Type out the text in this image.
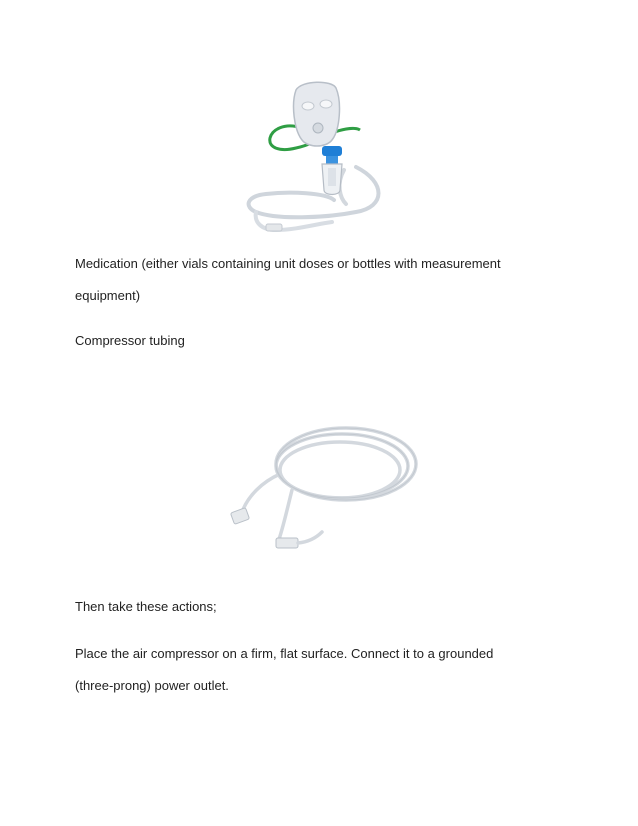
Medication (either vials containing unit doses or bottles with measurement

equipment)

Compressor tubing

Then take these actions;

Place the air compressor on a firm, flat surface. Connect it to a grounded

(three-prong) power outlet.
